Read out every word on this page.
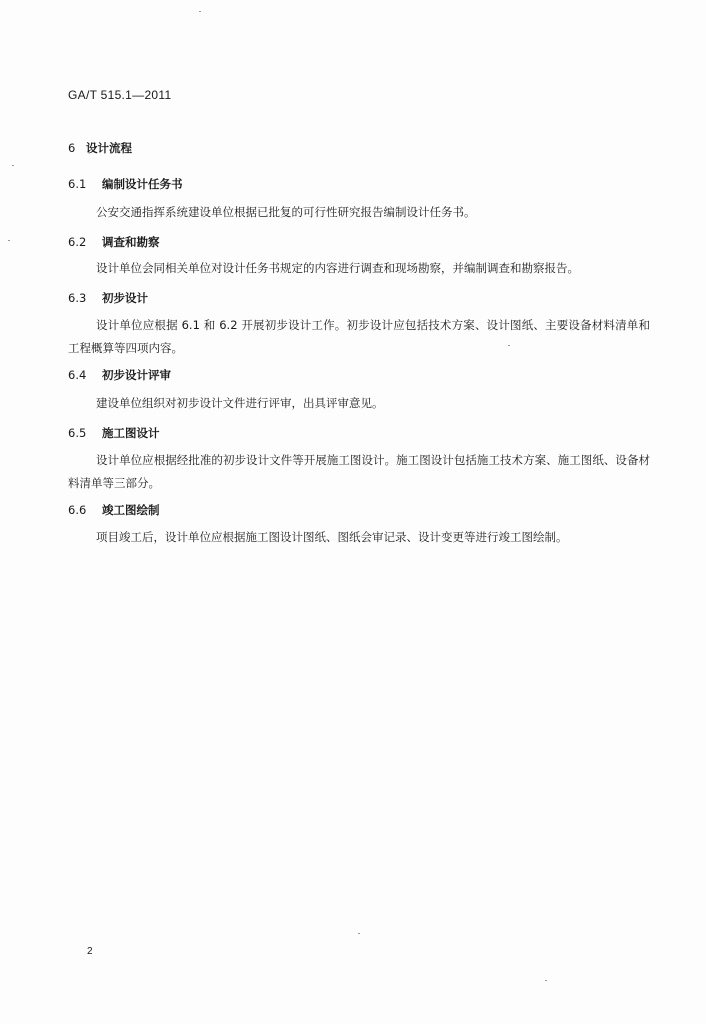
GA/T 515.1—2011
6 设计流程
6.1 编制设计任务书
公安交通指挥系统建设单位根据已批复的可行性研究报告编制设计任务书。
6.2 调查和勘察
设计单位会同相关单位对设计任务书规定的内容进行调查和现场勘察，并编制调查和勘察报告。
6.3 初步设计
设计单位应根据 6.1 和 6.2 开展初步设计工作。初步设计应包括技术方案、设计图纸、主要设备材料清单和工程概算等四项内容。
6.4 初步设计评审
建设单位组织对初步设计文件进行评审，出具评审意见。
6.5 施工图设计
设计单位应根据经批准的初步设计文件等开展施工图设计。施工图设计包括施工技术方案、施工图纸、设备材料清单等三部分。
6.6 竣工图绘制
项目竣工后，设计单位应根据施工图设计图纸、图纸会审记录、设计变更等进行竣工图绘制。
2
